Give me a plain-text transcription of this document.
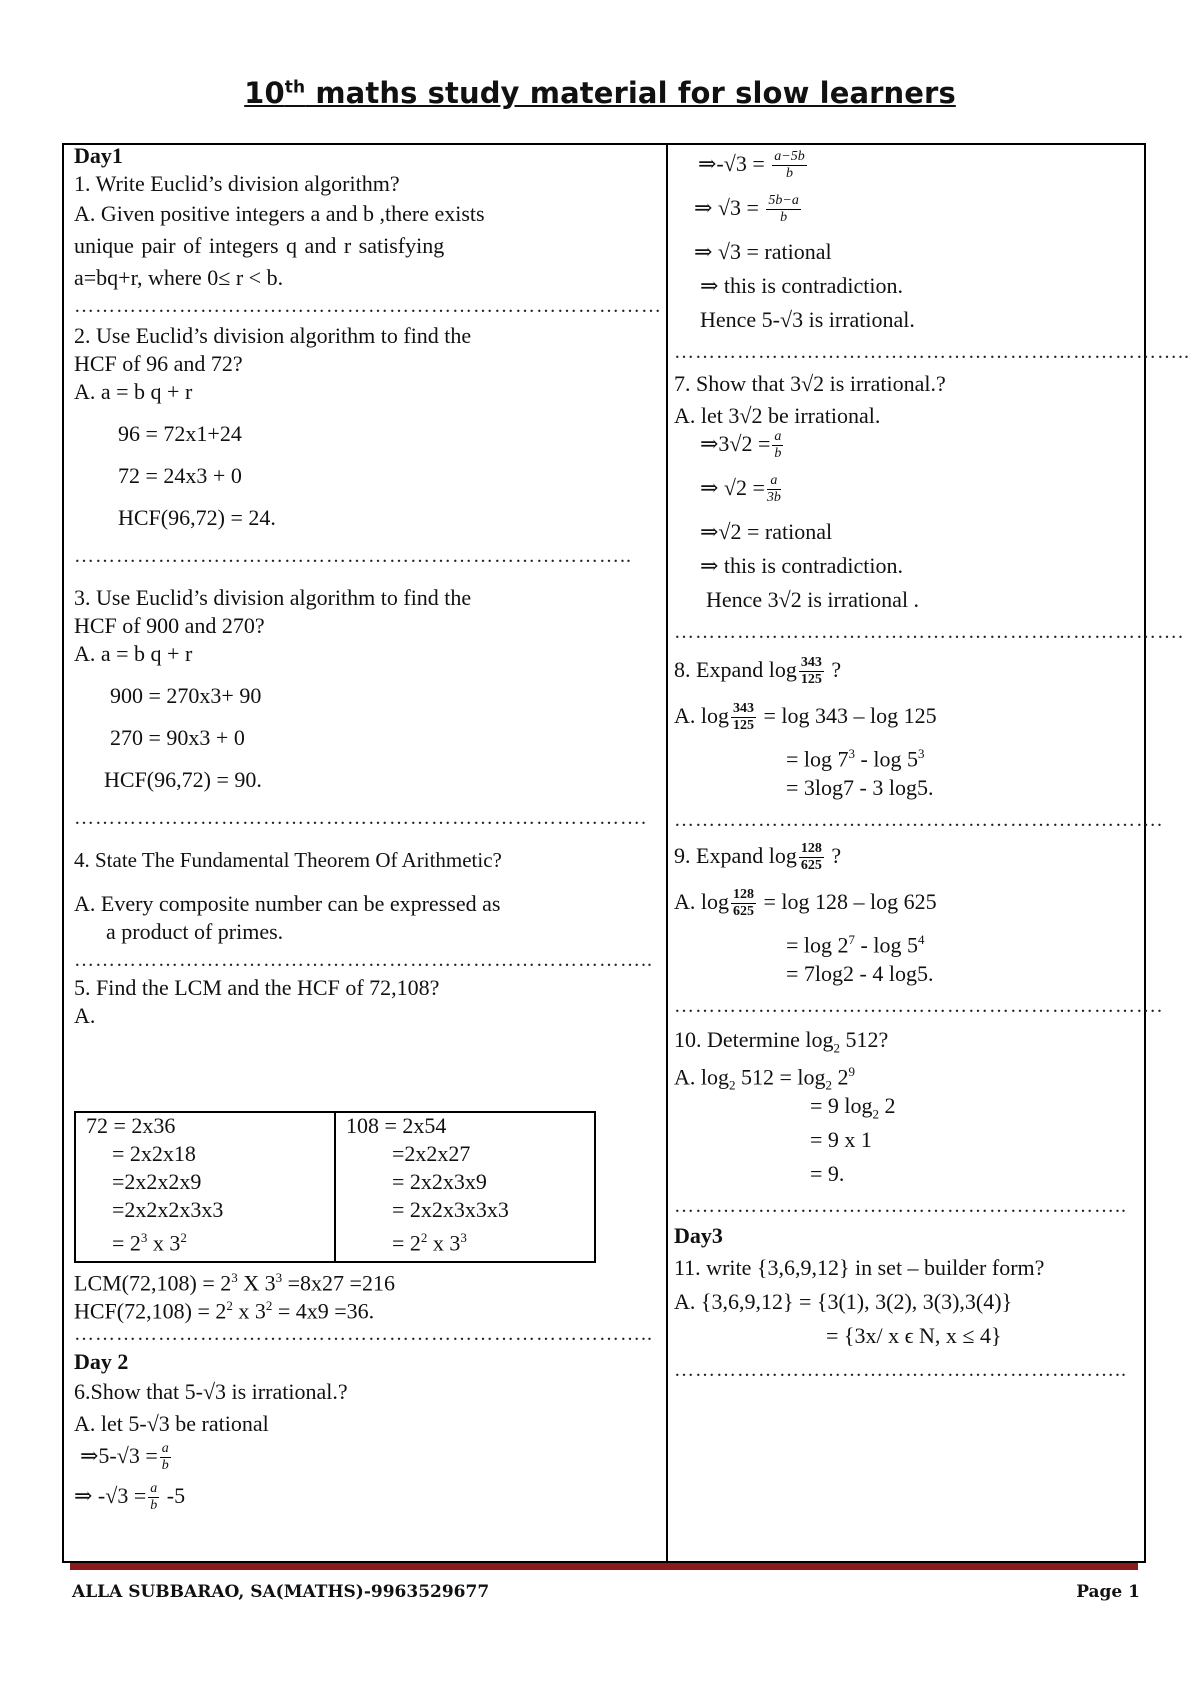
10th maths study material for slow learners
Day1
1. Write Euclid’s division algorithm?
A. Given positive integers a and b ,there exists
unique pair of integers q and r satisfying
a=bq+r, where 0≤ r < b.
…………………………………………………………………………
2. Use Euclid’s division algorithm to find the
HCF of 96 and 72?
A. a = b q + r
96 = 72x1+24
72 = 24x3 + 0
HCF(96,72) = 24.
……………………………………………………………………..
3. Use Euclid’s division algorithm to find the
HCF of 900 and 270?
A. a = b q + r
900 = 270x3+ 90
270 = 90x3 + 0
HCF(96,72) = 90.
……………………………………………………………………….
4. State The Fundamental Theorem Of Arithmetic?
A. Every composite number can be expressed as
a product of primes.
………………………………………………………………………..
5. Find the LCM and the HCF of 72,108?
A.
72 = 2x36
= 2x2x18
=2x2x2x9
=2x2x2x3x3
= $2^3$ x $3^2$
108 = 2x54
=2x2x27
= 2x2x3x9
= 2x2x3x3x3
= $2^2$ x $3^3$
$LCM(72,108) = 2^3$ X $3^3 =8x27 =216$
$HCF(72,108) = 2^2$ x $3^2 = 4x9 =36$.
………………………………………………………………………..
Day 2
6.Show that 5-√3 is irrational.?
A. let 5-√3 be rational
⇒5-√3 = $\frac{a}{b}$
⇒ $-√3 = \frac{a}{b} -5$
⇒-√3 = $\frac{a-5b}{b}$
⇒ $√3 = \frac{5b-a}{b}$
⇒ √3 = rational
⇒ this is contradiction.
Hence 5-√3 is irrational.
………………………………………………………………..
7. Show that 3√2 is irrational.?
A. let 3√2 be irrational.
⇒3√2 = $\frac{a}{b}$
⇒ $√2 = \frac{a}{3b}$
⇒√2 = rational
⇒ this is contradiction.
Hence 3√2 is irrational .
……………………………………………………………….
8. Expand $\log \frac{343}{125}$ ?
A. $\log \frac{343}{125} = \log 343 - \log 125$
= $\log 7^3$ - $\log 5^3$
= 3log7 - 3 log5.
…………………………………………………………….
9. Expand $\log \frac{128}{625}$ ?
A. $\log \frac{128}{625} = \log 128 - \log 625$
= $\log 2^7$ - $\log 5^4$
= 7log2 - 4 log5.
…………………………………………………………….
10. Determine $\log_2 512$?
A. $\log_2 512 = \log_2 2^9$
= 9 $\log_2 2$
= 9 x 1
= 9.
………………………………………………………..
Day3
11. write {3,6,9,12} in set – builder form?
A. {3,6,9,12} = {3(1), 3(2), 3(3),3(4)}
= {3x/ x ϵ N, x ≤ 4}
………………………………………………………..
ALLA SUBBARAO, SA(MATHS)-9963529677	Page 1
